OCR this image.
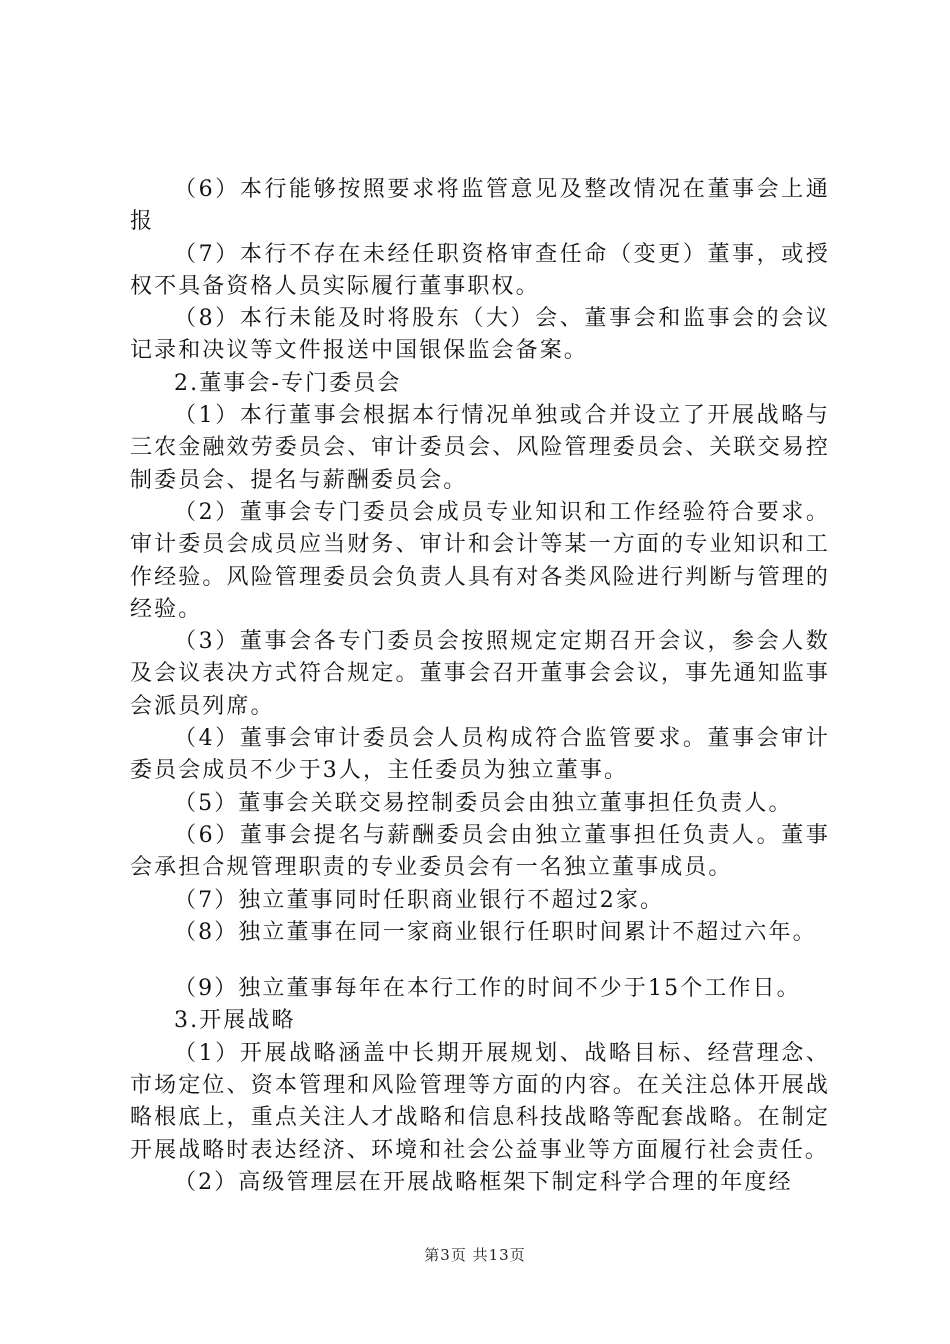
（6）本行能够按照要求将监管意见及整改情况在董事会上通报

（7）本行不存在未经任职资格审查任命（变更）董事，或授权不具备资格人员实际履行董事职权。

（8）本行未能及时将股东（大）会、董事会和监事会的会议记录和决议等文件报送中国银保监会备案。

2.董事会-专门委员会

（1）本行董事会根据本行情况单独或合并设立了开展战略与三农金融效劳委员会、审计委员会、风险管理委员会、关联交易控制委员会、提名与薪酬委员会。

（2）董事会专门委员会成员专业知识和工作经验符合要求。审计委员会成员应当财务、审计和会计等某一方面的专业知识和工作经验。风险管理委员会负责人具有对各类风险进行判断与管理的经验。

（3）董事会各专门委员会按照规定定期召开会议，参会人数及会议表决方式符合规定。董事会召开董事会会议，事先通知监事会派员列席。

（4）董事会审计委员会人员构成符合监管要求。董事会审计委员会成员不少于3人，主任委员为独立董事。

（5）董事会关联交易控制委员会由独立董事担任负责人。

（6）董事会提名与薪酬委员会由独立董事担任负责人。董事会承担合规管理职责的专业委员会有一名独立董事成员。

（7）独立董事同时任职商业银行不超过2家。

（8）独立董事在同一家商业银行任职时间累计不超过六年。

（9）独立董事每年在本行工作的时间不少于15个工作日。

3.开展战略

（1）开展战略涵盖中长期开展规划、战略目标、经营理念、市场定位、资本管理和风险管理等方面的内容。在关注总体开展战略根底上，重点关注人才战略和信息科技战略等配套战略。在制定开展战略时表达经济、环境和社会公益事业等方面履行社会责任。

（2）高级管理层在开展战略框架下制定科学合理的年度经

第3页 共13页
